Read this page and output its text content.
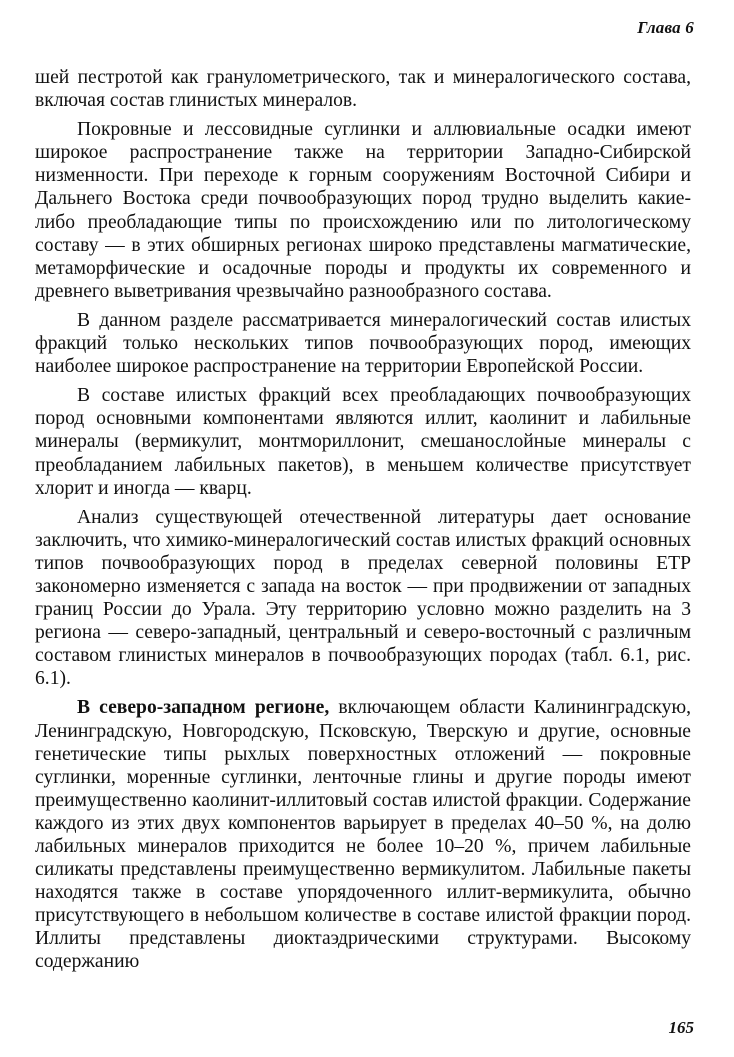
Глава 6

шей пестротой как гранулометрического, так и минералогического состава, включая состав глинистых минералов.

Покровные и лессовидные суглинки и аллювиальные осадки имеют широкое распространение также на территории Западно-Сибирской низменности. При переходе к горным сооружениям Восточной Сибири и Дальнего Востока среди почвообразующих пород трудно выделить какие-либо преобладающие типы по происхождению или по литологическому составу — в этих обширных регионах широко представлены магматические, метаморфические и осадочные породы и продукты их современного и древнего выветривания чрезвычайно разнообразного состава.

В данном разделе рассматривается минералогический состав илистых фракций только нескольких типов почвообразующих пород, имеющих наиболее широкое распространение на территории Европейской России.

В составе илистых фракций всех преобладающих почвообразующих пород основными компонентами являются иллит, каолинит и лабильные минералы (вермикулит, монтмориллонит, смешанослойные минералы с преобладанием лабильных пакетов), в меньшем количестве присутствует хлорит и иногда — кварц.

Анализ существующей отечественной литературы дает основание заключить, что химико-минералогический состав илистых фракций основных типов почвообразующих пород в пределах северной половины ЕТР закономерно изменяется с запада на восток — при продвижении от западных границ России до Урала. Эту территорию условно можно разделить на 3 региона — северо-западный, центральный и северо-восточный с различным составом глинистых минералов в почвообразующих породах (табл. 6.1, рис. 6.1).

В северо-западном регионе, включающем области Калининградскую, Ленинградскую, Новгородскую, Псковскую, Тверскую и другие, основные генетические типы рыхлых поверхностных отложений — покровные суглинки, моренные суглинки, ленточные глины и другие породы имеют преимущественно каолинит-иллитовый состав илистой фракции. Содержание каждого из этих двух компонентов варьирует в пределах 40–50 %, на долю лабильных минералов приходится не более 10–20 %, причем лабильные силикаты представлены преимущественно вермикулитом. Лабильные пакеты находятся также в составе упорядоченного иллит-вермикулита, обычно присутствующего в небольшом количестве в составе илистой фракции пород. Иллиты представлены диоктаэдрическими структурами. Высокому содержанию

165
